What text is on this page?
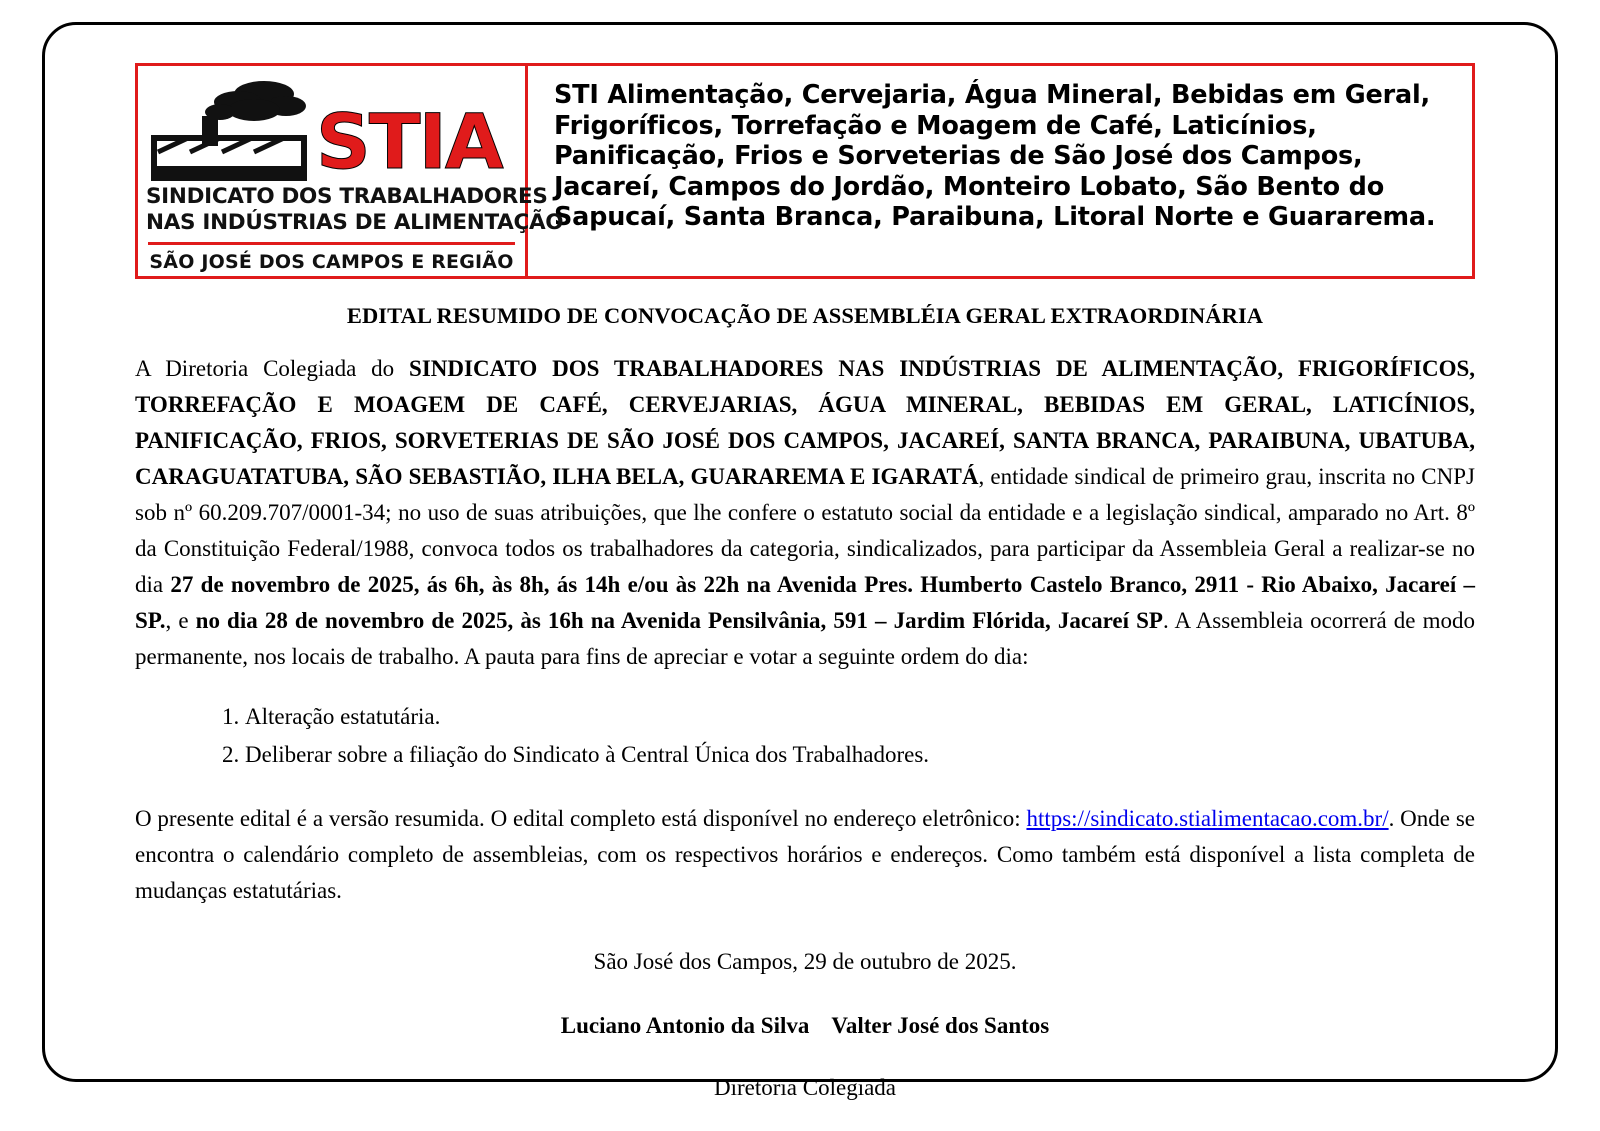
STIA
SINDICATO DOS TRABALHADORES
NAS INDÚSTRIAS DE ALIMENTAÇÃO
SÃO JOSÉ DOS CAMPOS E REGIÃO
STI Alimentação, Cervejaria, Água Mineral, Bebidas em Geral, Frigoríficos, Torrefação e Moagem de Café, Laticínios, Panificação, Frios e Sorveterias de São José dos Campos, Jacareí, Campos do Jordão, Monteiro Lobato, São Bento do Sapucaí, Santa Branca, Paraibuna, Litoral Norte e Guararema.
EDITAL RESUMIDO DE CONVOCAÇÃO DE ASSEMBLÉIA GERAL EXTRAORDINÁRIA
A Diretoria Colegiada do SINDICATO DOS TRABALHADORES NAS INDÚSTRIAS DE ALIMENTAÇÃO, FRIGORÍFICOS, TORREFAÇÃO E MOAGEM DE CAFÉ, CERVEJARIAS, ÁGUA MINERAL, BEBIDAS EM GERAL, LATICÍNIOS, PANIFICAÇÃO, FRIOS, SORVETERIAS DE SÃO JOSÉ DOS CAMPOS, JACAREÍ, SANTA BRANCA, PARAIBUNA, UBATUBA, CARAGUATATUBA, SÃO SEBASTIÃO, ILHA BELA, GUARAREMA E IGARATÁ, entidade sindical de primeiro grau, inscrita no CNPJ sob nº 60.209.707/0001-34; no uso de suas atribuições, que lhe confere o estatuto social da entidade e a legislação sindical, amparado no Art. 8º da Constituição Federal/1988, convoca todos os trabalhadores da categoria, sindicalizados, para participar da Assembleia Geral a realizar-se no dia 27 de novembro de 2025, ás 6h, às 8h, ás 14h e/ou às 22h na Avenida Pres. Humberto Castelo Branco, 2911 - Rio Abaixo, Jacareí – SP., e no dia 28 de novembro de 2025, às 16h na Avenida Pensilvânia, 591 – Jardim Flórida, Jacareí SP. A Assembleia ocorrerá de modo permanente, nos locais de trabalho. A pauta para fins de apreciar e votar a seguinte ordem do dia:
1. Alteração estatutária.
2. Deliberar sobre a filiação do Sindicato à Central Única dos Trabalhadores.
O presente edital é a versão resumida. O edital completo está disponível no endereço eletrônico: https://sindicato.stialimentacao.com.br/. Onde se encontra o calendário completo de assembleias, com os respectivos horários e endereços. Como também está disponível a lista completa de mudanças estatutárias.
São José dos Campos, 29 de outubro de 2025.
Luciano Antonio da Silva Valter José dos Santos
Diretoria Colegiada
